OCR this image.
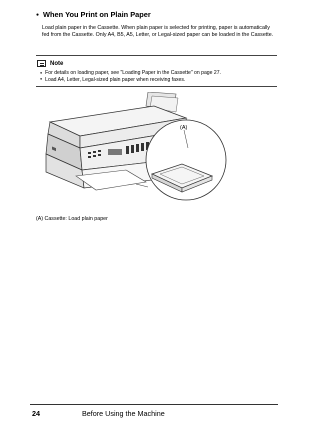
● When You Print on Plain Paper
Load plain paper in the Cassette. When plain paper is selected for printing, paper is automatically fed from the Cassette. Only A4, B5, A5, Letter, or Legal-sized paper can be loaded in the Cassette.
Note
● For details on loading paper, see "Loading Paper in the Cassette" on page 27.
● Load A4, Letter, Legal-sized plain paper when receiving faxes.
(A)
(A) Cassette: Load plain paper
24	Before Using the Machine
